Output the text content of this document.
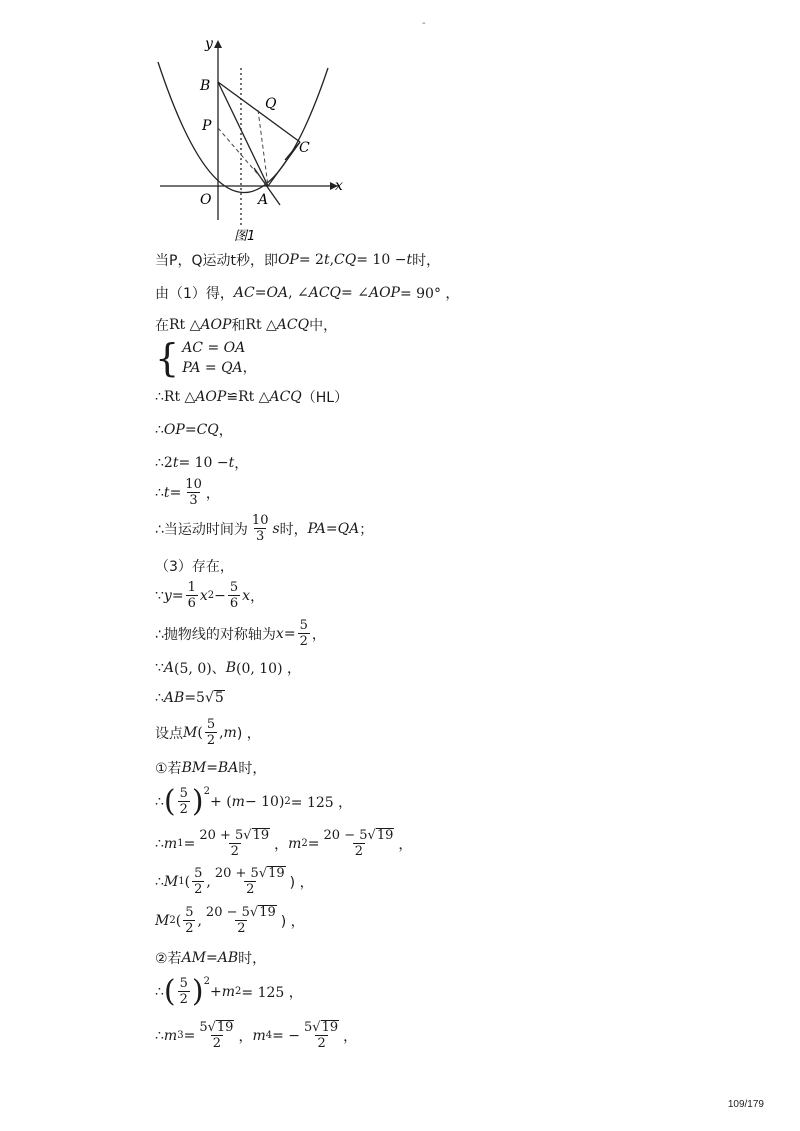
-
y
x
B
Q
P
C
O	A
图1
当P，Q运动t秒，即 OP = 2 t , CQ = 10 − t 时，
由（1）得， AC = OA , ∠ ACQ = ∠ AOP = 90° ，
在 Rt △ AOP 和 Rt △ ACQ 中，
{ AC = OA
PA = QA，
∴ Rt △ AOP ≌ Rt △ ACQ （HL）
∴ OP = CQ ，
∴2 t = 10 − t ，
∴ $t = \frac{10}{3}$ ，
∴当运动时间为 $\frac{10}{3}$ s 时， PA = QA ；
（3）存在，
∵ $y = \frac{1}{6}$ x $2 - \frac{5}{6}$ x ，
∴抛物线的对称轴为 $x = \frac{5}{2}$ ，
∵ A (5, 0)、 B (0, 10) ，
∴ AB =5 √ 5
设点 M ( $\frac{5}{2}$ , m ) ，
①若 BM = BA 时，
∴ ( $\frac{5}{2} )^2$
+ ( m − 10) 2 = 125 ，
∴ m $1 = \frac{20 + 5 √ 19}{2}$ ， m $2 = \frac{20 - 5 √ 19}{2}$ ，
∴ M 1 ( $\frac{5}{2}$ , $\frac{20 + 5 √ 19}{2}$ ) ，
M 2 ( $\frac{5}{2}$ , $\frac{20 - 5 √ 19}{2}$ ) ，
②若 AM = AB 时，
∴ ( $\frac{5}{2} )^2$
+ m 2 = 125 ，
∴ m $3 = \frac{5 √ 19}{2}$ ， m 4 = − $\frac{5 √ 19}{2}$ ，
109/179
